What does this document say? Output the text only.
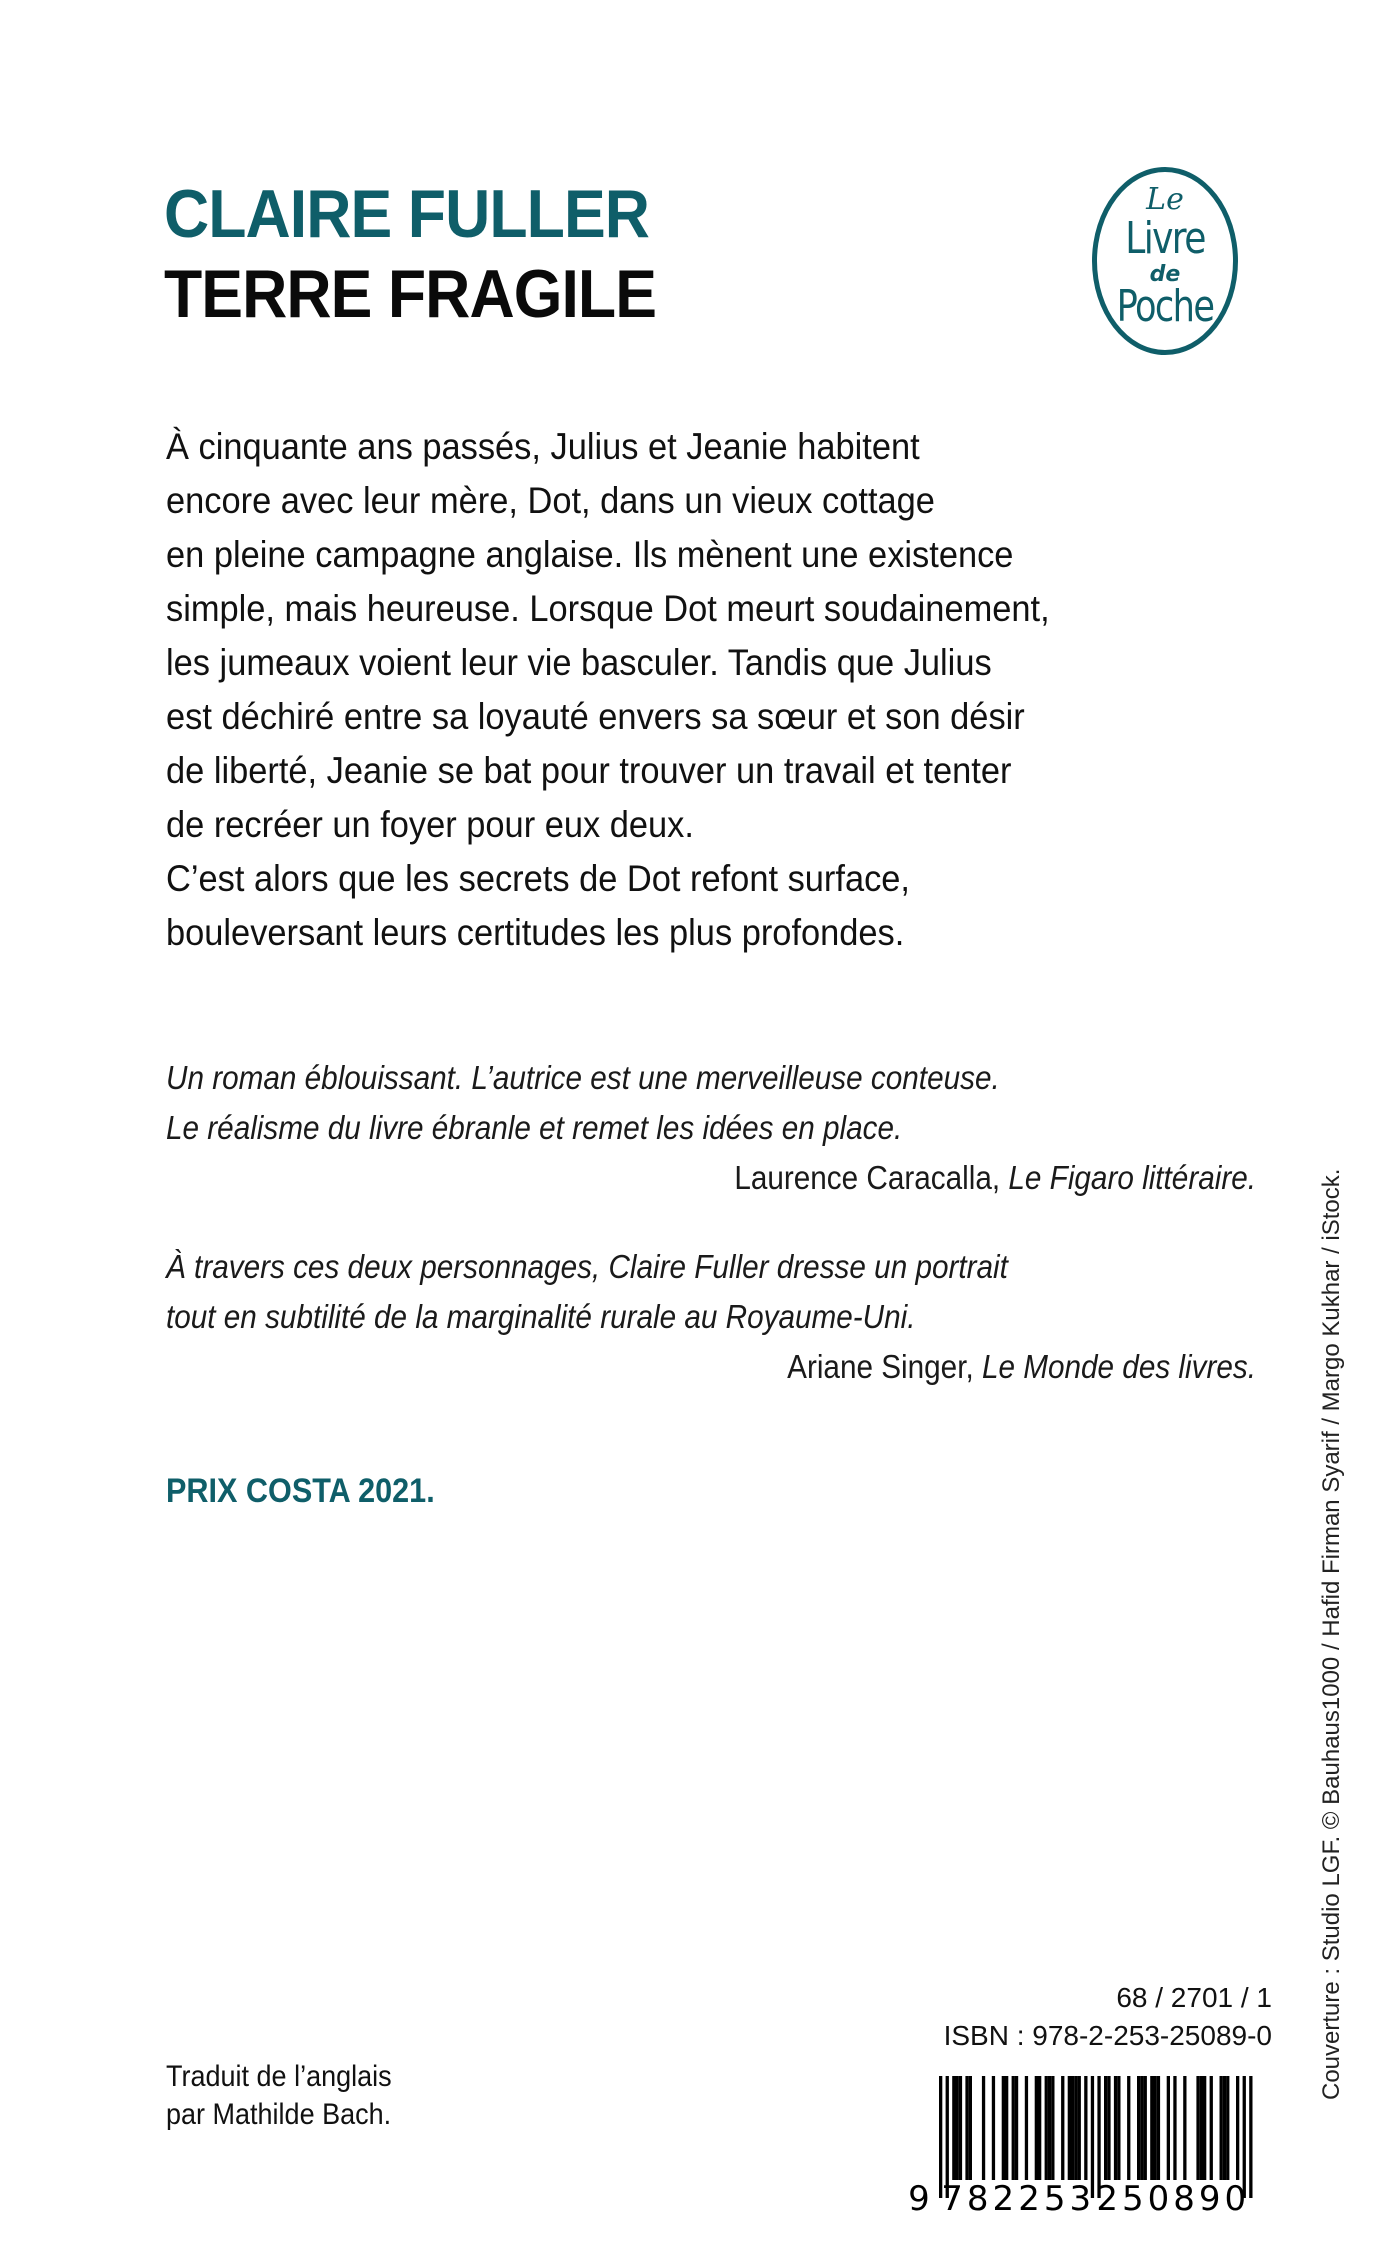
CLAIRE FULLER
TERRE FRAGILE
Le
Livre
de
Poche
À cinquante ans passés, Julius et Jeanie habitent
encore avec leur mère, Dot, dans un vieux cottage
en pleine campagne anglaise. Ils mènent une existence
simple, mais heureuse. Lorsque Dot meurt soudainement,
les jumeaux voient leur vie basculer. Tandis que Julius
est déchiré entre sa loyauté envers sa sœur et son désir
de liberté, Jeanie se bat pour trouver un travail et tenter
de recréer un foyer pour eux deux.
C’est alors que les secrets de Dot refont surface,
bouleversant leurs certitudes les plus profondes.
Un roman éblouissant. L’autrice est une merveilleuse conteuse.
Le réalisme du livre ébranle et remet les idées en place.
Laurence Caracalla, Le Figaro littéraire.
À travers ces deux personnages, Claire Fuller dresse un portrait
tout en subtilité de la marginalité rurale au Royaume-Uni.
Ariane Singer, Le Monde des livres.
PRIX COSTA 2021.
Traduit de l’anglais
par Mathilde Bach.
68 / 2701 / 1
ISBN : 978-2-253-25089-0
9 782253 250890
Couverture : Studio LGF. © Bauhaus1000 / Hafid Firman Syarif / Margo Kukhar / iStock.
